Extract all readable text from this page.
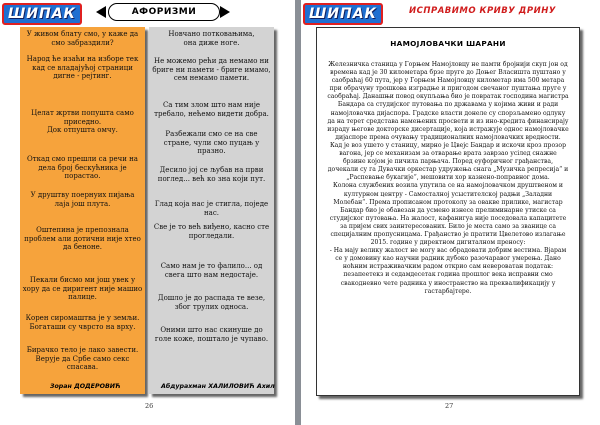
ШИПАК	АФОРИЗМИ
У живом блату смо, у каже да смо забраздили?
Народ ће изаћи на изборе тек кад се владајућој страници дигне - рејтинг.
Целат жртви попушта само приседно.
Док отпушта омчу.
Откад смо прешли са речи на дела број бескућника је порастао.
У друштву поернуих пијања лаја још плута.
Оштепина је препознала проблем али дотични није хтео да беноне.
Пекали бисмо ми још увек у хору да се диригент није машио палице.
Корен сиромаштва је у земљи. Богаташи су чврсто на врху.
Бирачко тело је лако завести. Верује да Србе само секс спасава.
Зоран ДОДЕРОВИЋ
Новчано потковањима,
она диже ноге.
Не можемо рећи да немамо ни бриге ни памети - бриге имамо, сем немамо памети.
Са тим злом што нам није требало, нећемо видети добра.
Разбежали смо се на све стране, чули смо пуцањ у празно.
Десило јој се љубав на први поглед... већ ко зна који пут.
Глад која нас је стигла, поједе нас.
Све је то већ виђено, касно сте прогледали.
Само нам је то фалило... од свега што нам недостаје.
Дошло је до распада те везе, због трулих односа.
Оними што нас скинуше до голе коже, поштало је чупаво.
Абдурахман ХАЛИЛОВИЋ Ахил
26
ШИПАК	ИСПРАВИМО КРИВУ ДРИНУ
НАМОЈЛОВАЧКИ ШАРАНИ

Железничка станица у Горњем Намојловцу не памти бројнији скуп јон од времена кад је 30 километара брзе пруге до Доњег Власиштa пуштано у саобраћај 60 пута, јер у Горњем Намојловцу километар има 500 метара при обрачуну трошкова изградње и пригодом свечаног пуштања пруге у саобраћај. Данашњи повод окупљања био је повратак господина магистра Бандара са студијског путовања по државама у којима живи и ради намојловачка дијаспора. Градске власти донеле су спорзљамено одлуку да на терет средстава намењених просвети и из ино-кредита финансирају израду његове докторске дисертације, која истражује однос намојловачке дијаспоре према очувању традиционалних намојловачких вредности.
Кад је воз ушето у станицу, мирно је Цвејс Бандар и искочи кроз прозор вагона, јер се механизам за отварање врата заврзао усілед снажне брзине којом је пичила парњача. Поред еуфоричног грађанства, дочекали су га Дувачки оркестар удружења снага „Музичка репресија“ и „Распевање букагије“, мешовити хор казнено-поправног дома.
Колона службених возила упутила се на намојловачком друштвеном и културном центру - Самосталној усыстителској радњи „Заладни Молебан“. Према прописаном протоколу за овакве прилике, магистар Бандар био је обавезан да усмено изнесе прелиминарне утиске са студијског путовања. На жалост, кафанигуа није поседовала капацитете за пријем свих заинтересованих. Било је места само за званице са специјалним пропусницама. Грађанство је пратити Цвелетово излагање 2015. године у директном дигиталном преносу:
- На мају велику жалост не могу вас обрадовати добрим вестима. Вјарам се у домовину као научни радник дубоко разочаравог умерења. Дано ноћним истраживачким радом открио сам невероватан податак: пезапеетекз и седамдесетак година прошлог века исправни смо свакодневно чете радника у иностранство на преквалификацију у гастарбајтере.

27
